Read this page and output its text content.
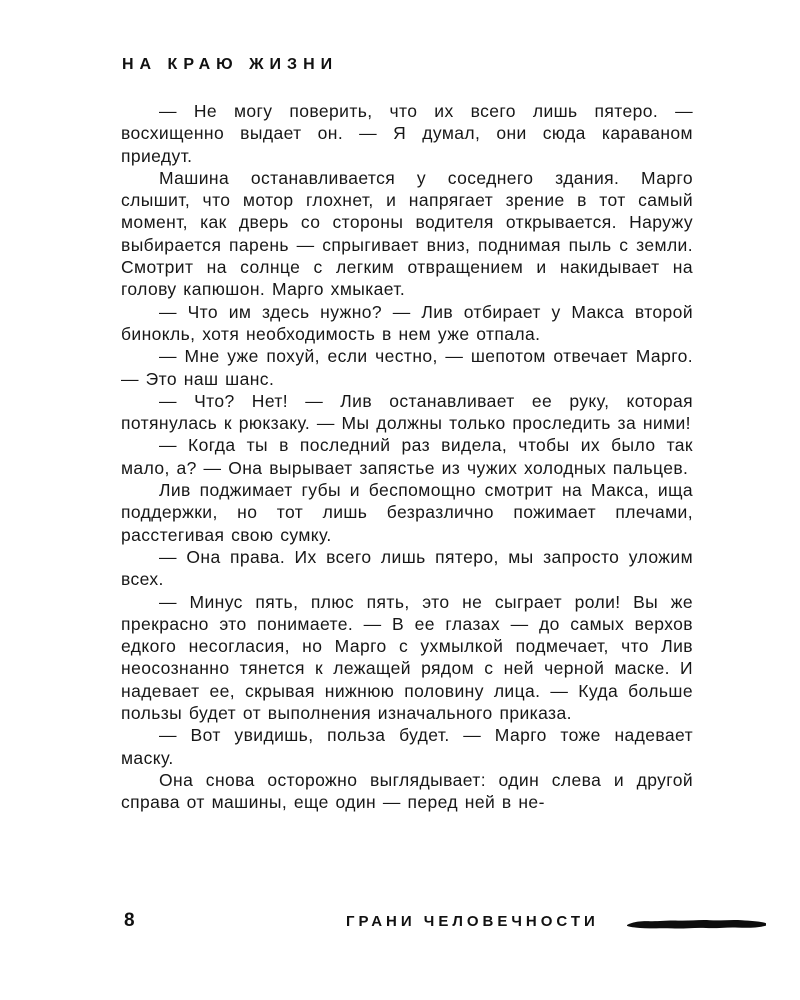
НА КРАЮ ЖИЗНИ

— Не могу поверить, что их всего лишь пятеро. — восхищенно выдает он. — Я думал, они сюда караваном приедут.

Машина останавливается у соседнего здания. Марго слышит, что мотор глохнет, и напрягает зрение в тот самый момент, как дверь со стороны водителя открывается. Наружу выбирается парень — спрыгивает вниз, поднимая пыль с земли. Смотрит на солнце с легким отвращением и накидывает на голову капюшон. Марго хмыкает.

— Что им здесь нужно? — Лив отбирает у Макса второй бинокль, хотя необходимость в нем уже отпала.

— Мне уже похуй, если честно, — шепотом отвечает Марго. — Это наш шанс.

— Что? Нет! — Лив останавливает ее руку, которая потянулась к рюкзаку. — Мы должны только проследить за ними!

— Когда ты в последний раз видела, чтобы их было так мало, а? — Она вырывает запястье из чужих холодных пальцев.

Лив поджимает губы и беспомощно смотрит на Макса, ища поддержки, но тот лишь безразлично пожимает плечами, расстегивая свою сумку.

— Она права. Их всего лишь пятеро, мы запросто уложим всех.

— Минус пять, плюс пять, это не сыграет роли! Вы же прекрасно это понимаете. — В ее глазах — до самых верхов едкого несогласия, но Марго с ухмылкой подмечает, что Лив неосознанно тянется к лежащей рядом с ней черной маске. И надевает ее, скрывая нижнюю половину лица. — Куда больше пользы будет от выполнения изначального приказа.

— Вот увидишь, польза будет. — Марго тоже надевает маску.

Она снова осторожно выглядывает: один слева и другой справа от машины, еще один — перед ней в не-

8	ГРАНИ ЧЕЛОВЕЧНОСТИ
